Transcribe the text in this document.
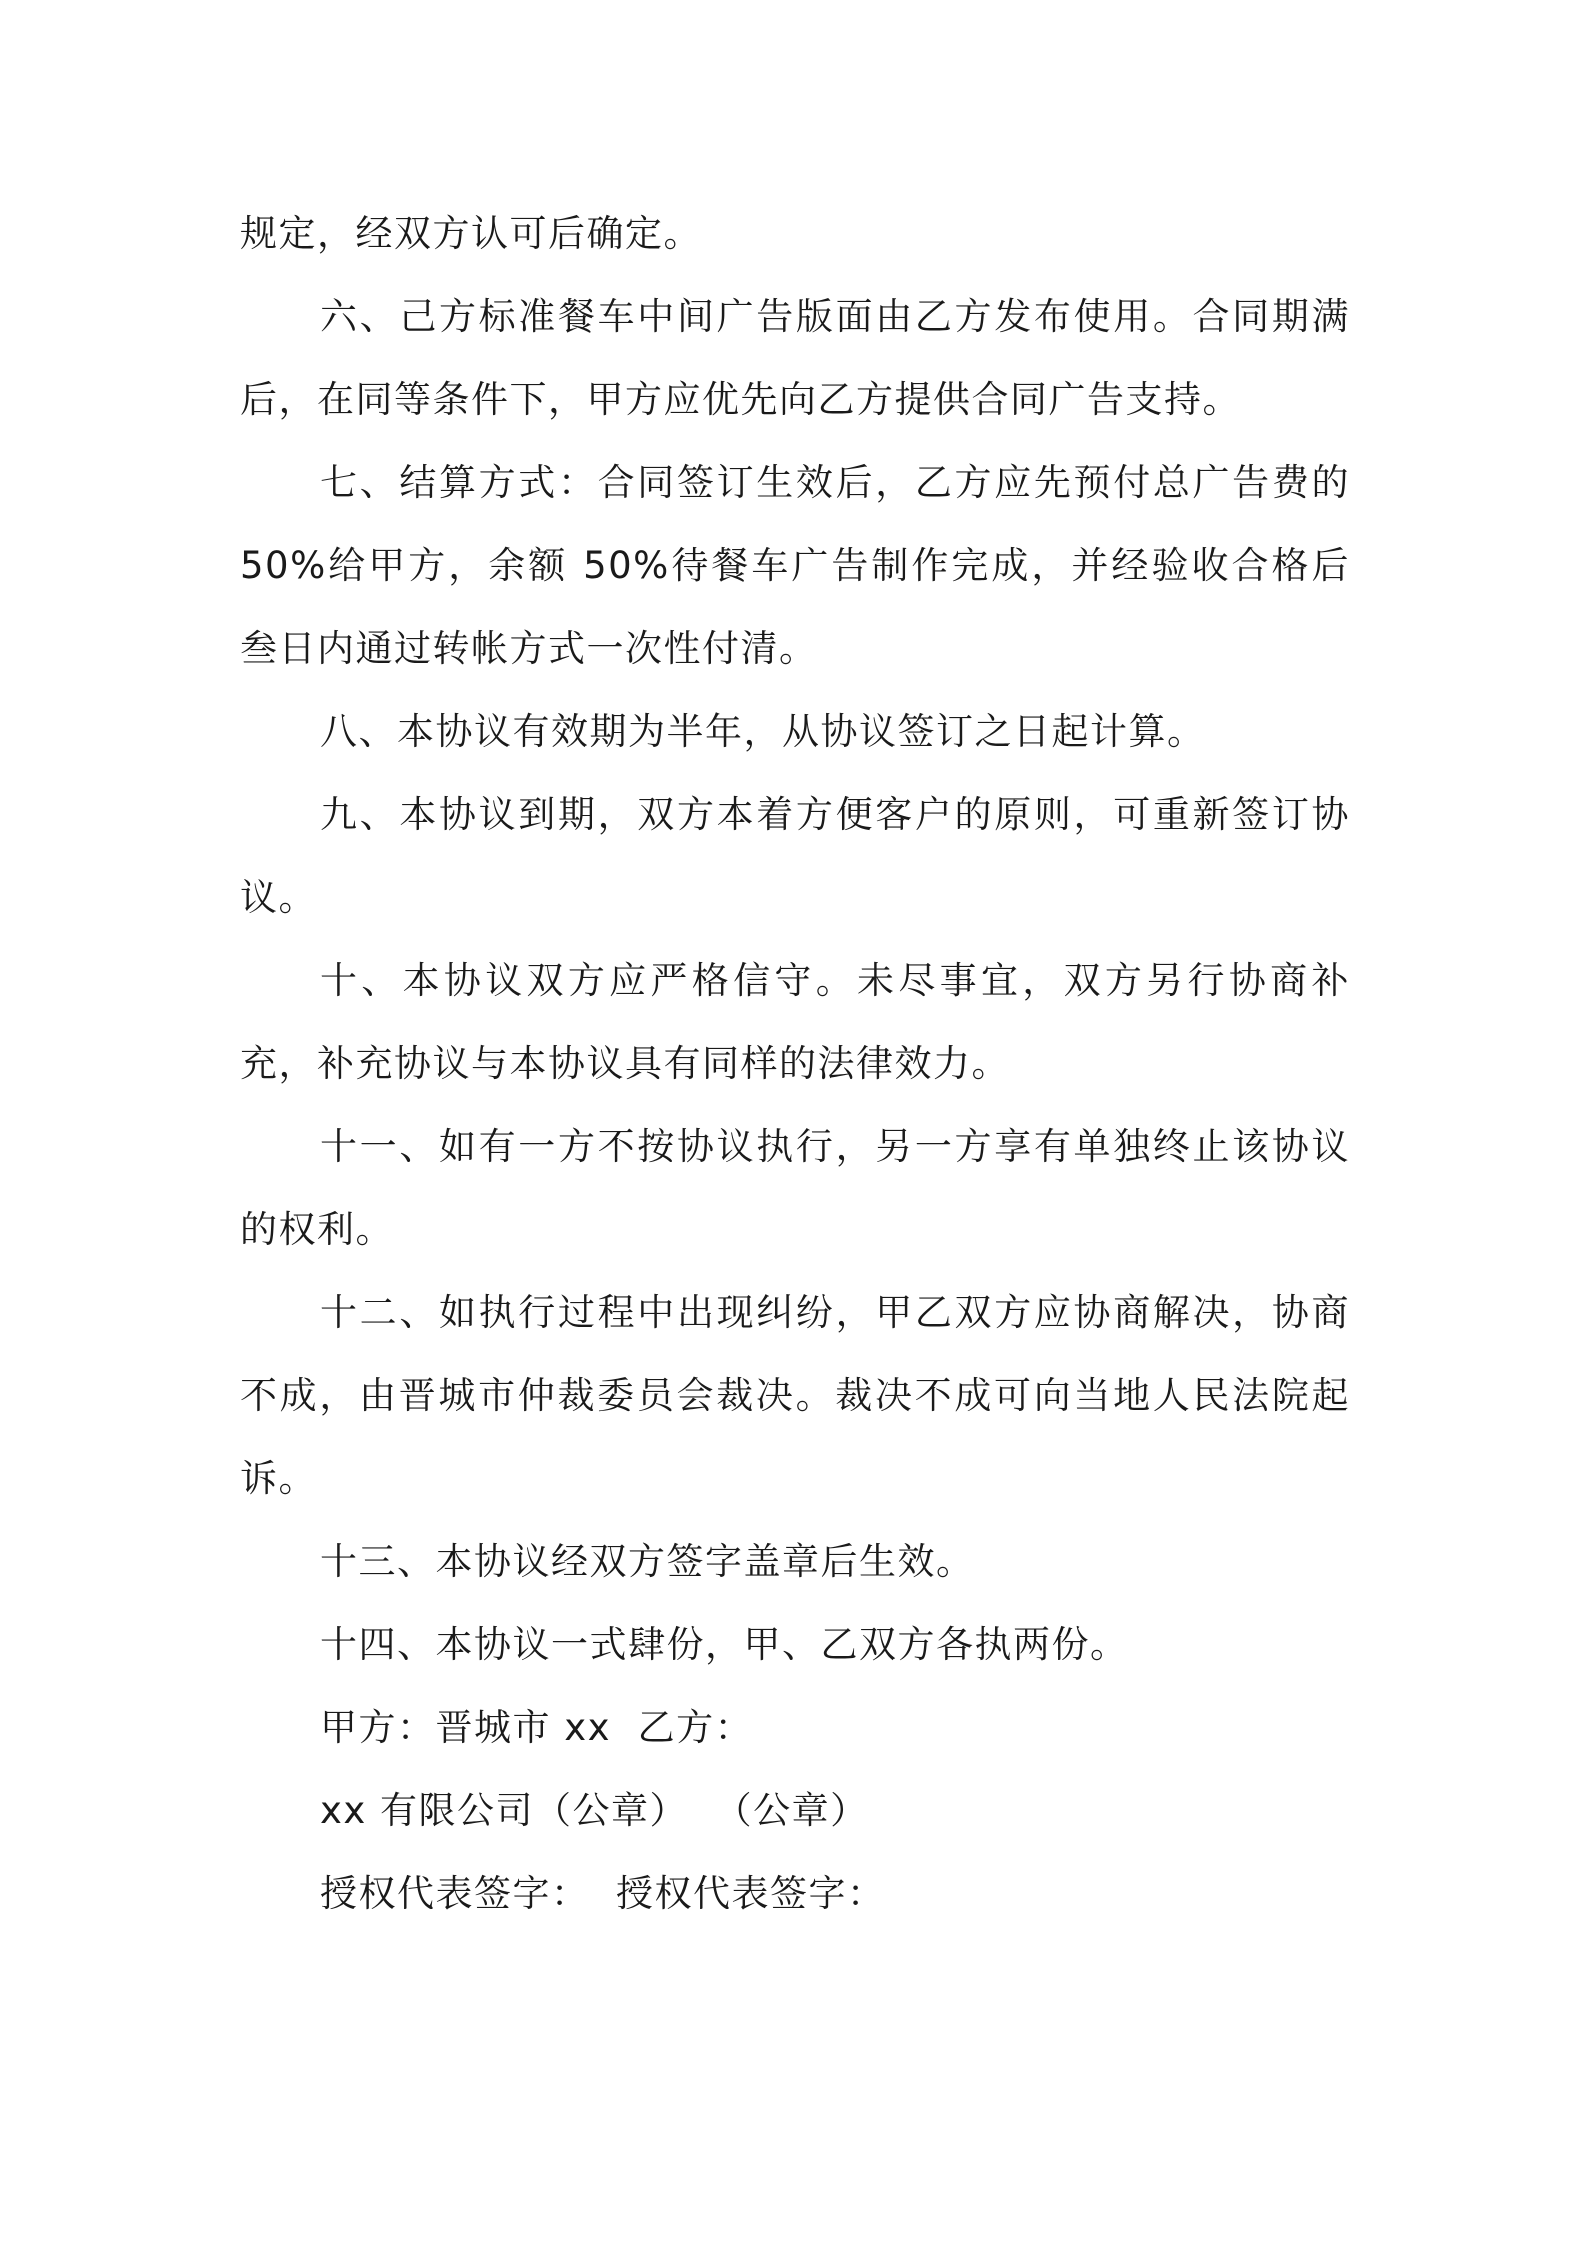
规定，经双方认可后确定。

六、己方标准餐车中间广告版面由乙方发布使用。合同期满后，在同等条件下，甲方应优先向乙方提供合同广告支持。

七、结算方式：合同签订生效后，乙方应先预付总广告费的50%给甲方，余额 50%待餐车广告制作完成，并经验收合格后叁日内通过转帐方式一次性付清。

八、本协议有效期为半年，从协议签订之日起计算。

九、本协议到期，双方本着方便客户的原则，可重新签订协议。

十、本协议双方应严格信守。未尽事宜，双方另行协商补充，补充协议与本协议具有同样的法律效力。

十一、如有一方不按协议执行，另一方享有单独终止该协议的权利。

十二、如执行过程中出现纠纷，甲乙双方应协商解决，协商不成，由晋城市仲裁委员会裁决。裁决不成可向当地人民法院起诉。

十三、本协议经双方签字盖章后生效。

十四、本协议一式肆份，甲、乙双方各执两份。

甲方：晋城市 xx  乙方：

xx 有限公司（公章）  （公章）

授权代表签字：  授权代表签字：
